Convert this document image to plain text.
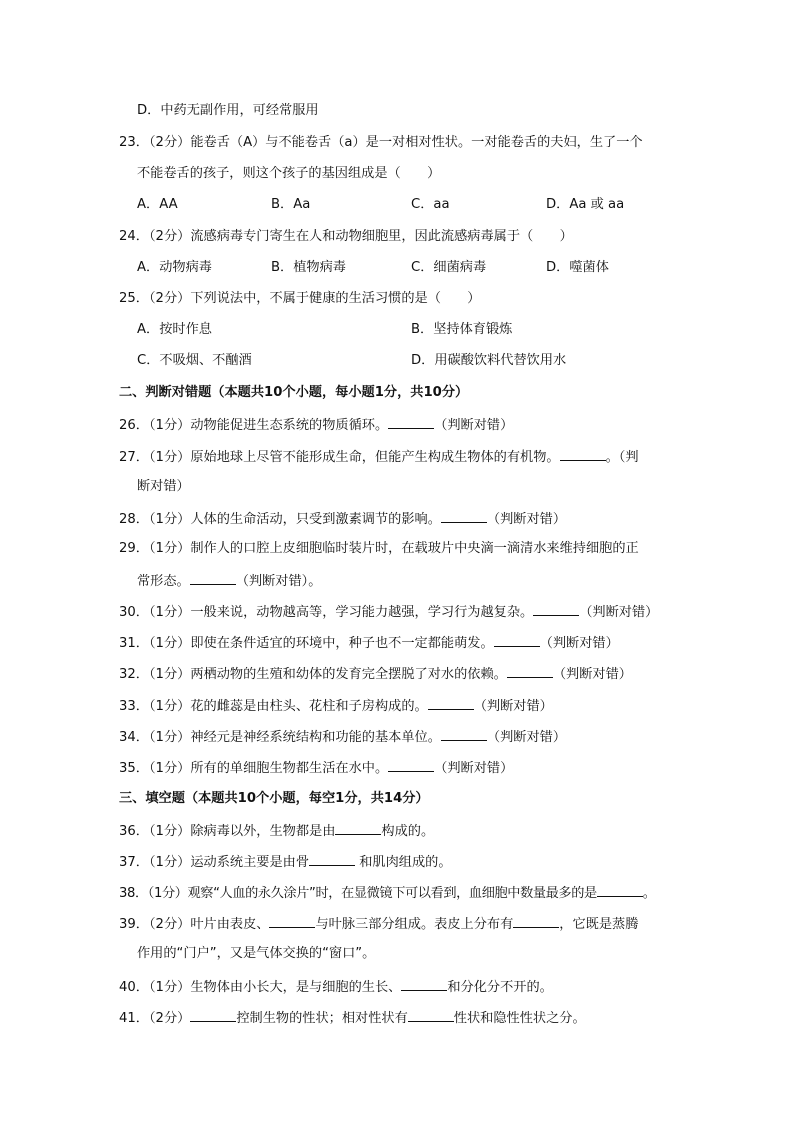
D．中药无副作用，可经常服用
23．（2分）能卷舌（A）与不能卷舌（a）是一对相对性状。一对能卷舌的夫妇，生了一个
不能卷舌的孩子，则这个孩子的基因组成是（　　）
A．AA	B．Aa	C．aa	D．Aa 或 aa
24．（2分）流感病毒专门寄生在人和动物细胞里，因此流感病毒属于（　　）
A．动物病毒	B．植物病毒	C．细菌病毒	D．噬菌体
25．（2分）下列说法中，不属于健康的生活习惯的是（　　）
A．按时作息	B．坚持体育锻炼
C．不吸烟、不酗酒	D．用碳酸饮料代替饮用水
二、判断对错题（本题共10个小题，每小题1分，共10分）
26．（1分）动物能促进生态系统的物质循环。	（判断对错）
27．（1分）原始地球上尽管不能形成生命，但能产生构成生物体的有机物。	。（判
断对错）
28．（1分）人体的生命活动，只受到激素调节的影响。	（判断对错）
29．（1分）制作人的口腔上皮细胞临时装片时，在载玻片中央滴一滴清水来维持细胞的正
常形态。	（判断对错）。
30．（1分）一般来说，动物越高等，学习能力越强，学习行为越复杂。	（判断对错）
31．（1分）即使在条件适宜的环境中，种子也不一定都能萌发。	（判断对错）
32．（1分）两栖动物的生殖和幼体的发育完全摆脱了对水的依赖。	（判断对错）
33．（1分）花的雌蕊是由柱头、花柱和子房构成的。	（判断对错）
34．（1分）神经元是神经系统结构和功能的基本单位。	（判断对错）
35．（1分）所有的单细胞生物都生活在水中。	（判断对错）
三、填空题（本题共10个小题，每空1分，共14分）
36．（1分）除病毒以外，生物都是由	构成的。
37．（1分）运动系统主要是由骨	和肌肉组成的。
38．（1分）观察“人血的永久涂片”时，在显微镜下可以看到，血细胞中数量最多的是	。
39．（2分）叶片由表皮、	与叶脉三部分组成。表皮上分布有	，它既是蒸腾
作用的“门户”，又是气体交换的“窗口”。
40．（1分）生物体由小长大，是与细胞的生长、	和分化分不开的。
41．（2分）	控制生物的性状；相对性状有	性状和隐性性状之分。
